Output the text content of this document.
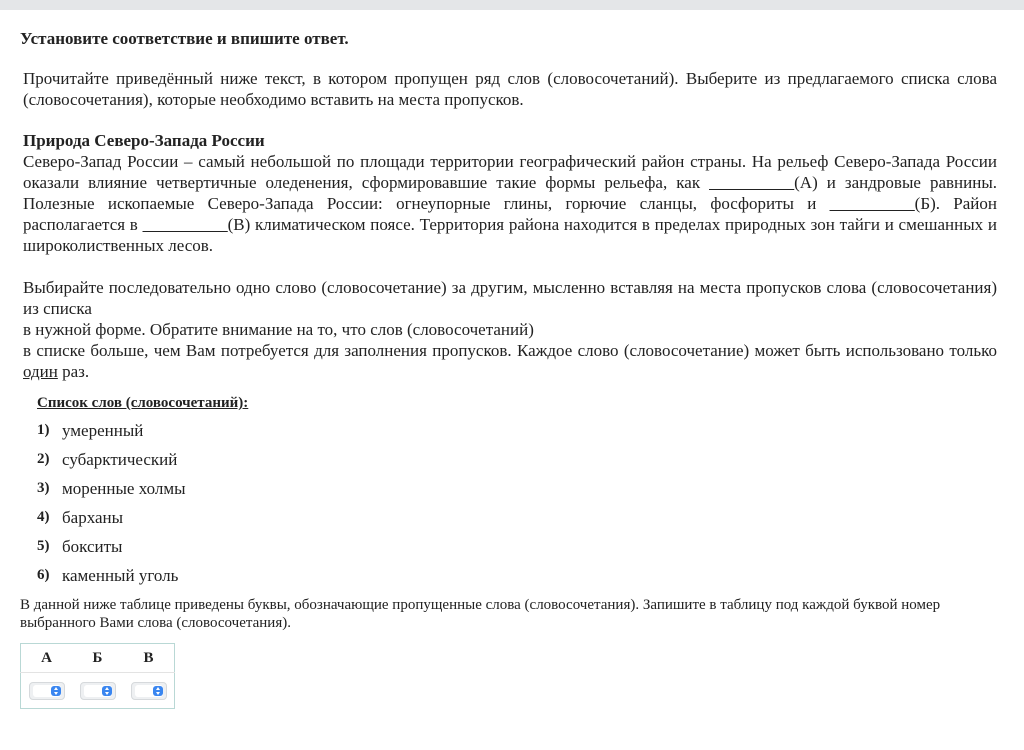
Установите соответствие и впишите ответ.

Прочитайте приведённый ниже текст, в котором пропущен ряд слов (словосочетаний). Выберите из предлагаемого списка слова (словосочетания), которые необходимо вставить на места пропусков.

Природа Северо-Запада России

Северо-Запад России – самый небольшой по площади территории географический район страны. На рельеф Северо-Запада России оказали влияние четвертичные оледенения, сформировавшие такие формы рельефа, как __________(А) и зандровые равнины. Полезные ископаемые Северо-Запада России: огнеупорные глины, горючие сланцы, фосфориты и __________(Б). Район располагается в __________(В) климатическом поясе. Территория района находится в пределах природных зон тайги и смешанных и широколиственных лесов.

Выбирайте последовательно одно слово (словосочетание) за другим, мысленно вставляя на места пропусков слова (словосочетания) из списка
в нужной форме. Обратите внимание на то, что слов (словосочетаний)
в списке больше, чем Вам потребуется для заполнения пропусков. Каждое слово (словосочетание) может быть использовано только один раз.

Список слов (словосочетаний):
1) умеренный
2) субарктический
3) моренные холмы
4) барханы
5) бокситы
6) каменный уголь

В данной ниже таблице приведены буквы, обозначающие пропущенные слова (словосочетания). Запишите в таблицу под каждой буквой номер выбранного Вами слова (словосочетания).

А	Б	В
